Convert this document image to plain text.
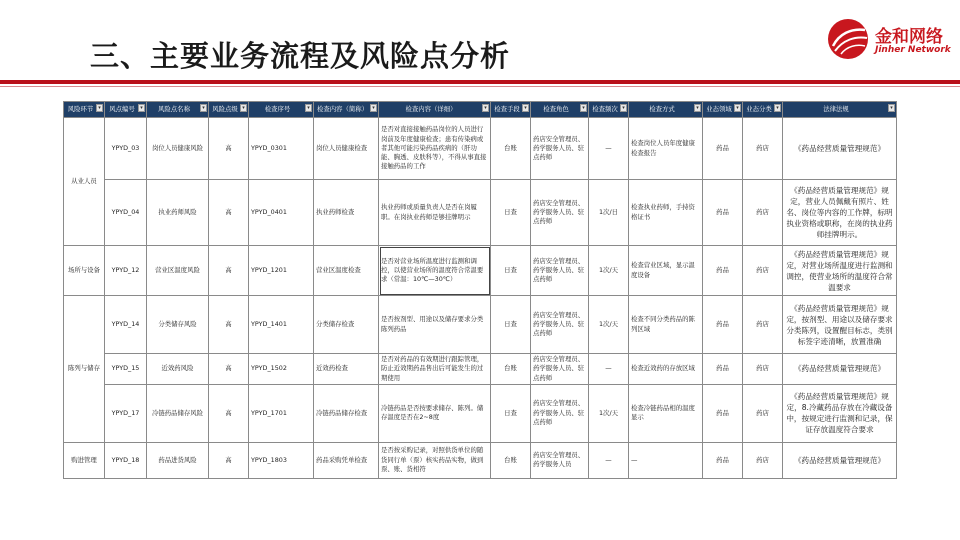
三、主要业务流程及风险点分析
金和网络
Jinher Network
风险环节 ▾	风点编号 ▾	风险点名称 ▾	风险点级 ▾	检查序号 ▾	检查内容（简称） ▾	检查内容（详细） ▾	检查手段 ▾	检查角色 ▾	检查频次 ▾	检查方式 ▾	业态领域 ▾	业态分类 ▾	法律法规 ▾

从业人员	YPYD_03	岗位人员健康风险	高	YPYD_0301	岗位人员健康检查	是否对直接接触药品岗位的人员进行岗前及年度健康检查；患有传染病或者其他可能污染药品疾病的（肝功能、胸透、皮肤科等），不得从事直接接触药品的工作	台账	药店安全管理员、药学服务人员、驻点药师	—	检查岗位人员年度健康检查报告	药品	药店	《药品经营质量管理规范》
	YPYD_04	执业药师风险	高	YPYD_0401	执业药师检查	执业药师或质量负责人是否在岗履职。在岗执业药师是够挂牌明示	日查	药店安全管理员、药学服务人员、驻点药师	1次/日	检查执业药师，手持资格证书	药品	药店	《药品经营质量管理规范》规定，营业人员佩戴有照片、姓名、岗位等内容的工作牌，标明执业资格或职称，在岗的执业药师挂牌明示。
场所与设备	YPYD_12	营业区温度风险	高	YPYD_1201	营业区温度检查	是否对营业场所温度进行监测和调控，以使营业场所的温度符合常温要求（常温：10℃—30℃）	日查	药店安全管理员、药学服务人员、驻点药师	1次/天	检查营业区域，显示温度设备	药品	药店	《药品经营质量管理规范》规定，对营业场所温度进行监测和调控，使营业场所的温度符合常温要求
陈列与储存	YPYD_14	分类储存风险	高	YPYD_1401	分类储存检查	是否按剂型、用途以及储存要求分类陈列药品	日查	药店安全管理员、药学服务人员、驻点药师	1次/天	检查不同分类药品的陈列区域	药品	药店	《药品经营质量管理规范》规定，按剂型、用途以及储存要求分类陈列，设置醒目标志，类别标签字迹清晰，放置准确
	YPYD_15	近效药风险	高	YPYD_1502	近效药检查	是否对药品的有效期进行跟踪管理，防止近效期药品售出后可能发生的过期使用	台账	药店安全管理员、药学服务人员、驻点药师	—	检查近效药的存放区域	药品	药店	《药品经营质量管理规范》
	YPYD_17	冷链药品储存风险	高	YPYD_1701	冷链药品储存检查	冷链药品是否按要求储存、陈列。储存温度是否在2~8度	日查	药店安全管理员、药学服务人员、驻点药师	1次/天	检查冷链药品相的温度显示	药品	药店	《药品经营质量管理规范》规定，8.冷藏药品存放在冷藏设备中，按规定进行监测和记录，保证存放温度符合要求
购进管理	YPYD_18	药品进货风险	高	YPYD_1803	药品采购凭单检查	是否按采购记录，对照供货单位的随货同行单（票）核实药品实物，做到票、账、货相符	台账	药店安全管理员、药学服务人员	—	—	药品	药店	《药品经营质量管理规范》
